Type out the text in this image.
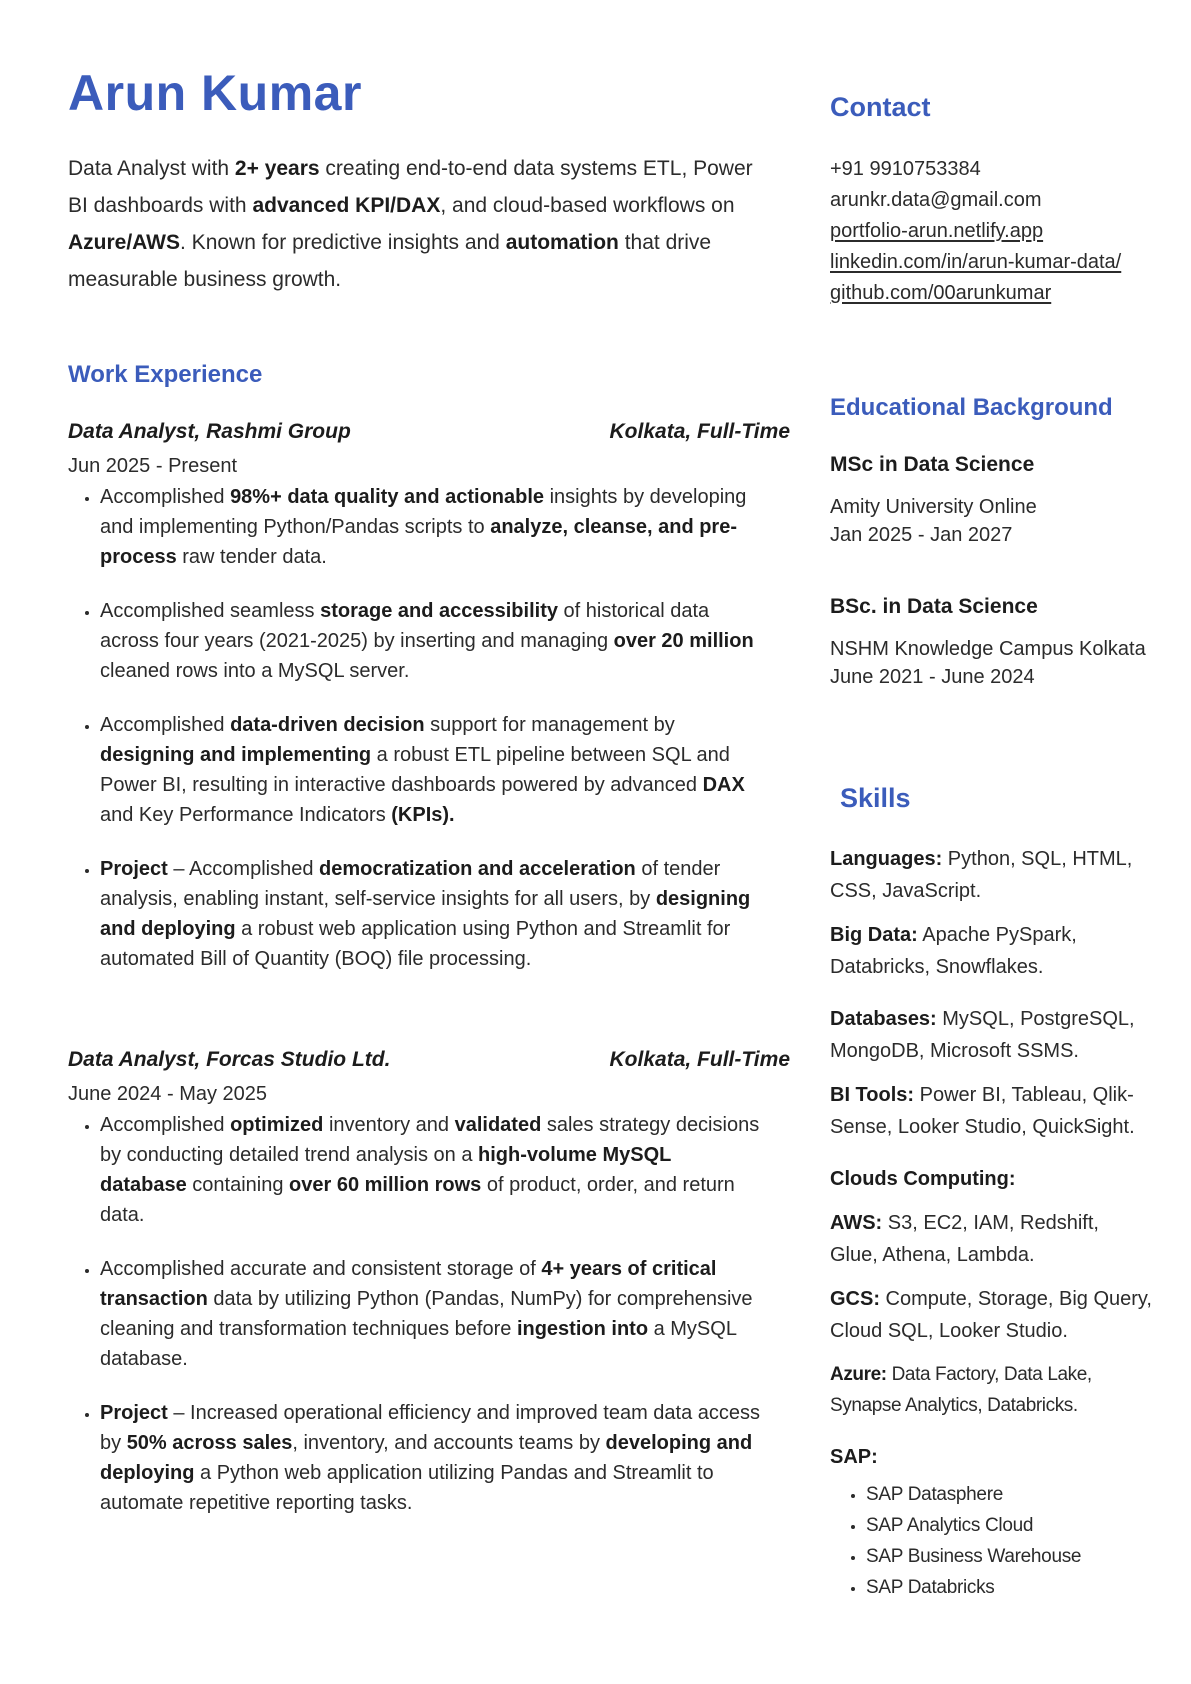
Arun Kumar

Data Analyst with 2+ years creating end-to-end data systems ETL, Power BI dashboards with advanced KPI/DAX, and cloud-based workflows on Azure/AWS. Known for predictive insights and automation that drive measurable business growth.

Work Experience
Data Analyst, Rashmi Group	Kolkata, Full-Time
Jun 2025 - Present
• Accomplished 98%+ data quality and actionable insights by developing and implementing Python/Pandas scripts to analyze, cleanse, and pre-process raw tender data.
• Accomplished seamless storage and accessibility of historical data across four years (2021-2025) by inserting and managing over 20 million cleaned rows into a MySQL server.
• Accomplished data-driven decision support for management by designing and implementing a robust ETL pipeline between SQL and Power BI, resulting in interactive dashboards powered by advanced DAX and Key Performance Indicators (KPIs).
• Project – Accomplished democratization and acceleration of tender analysis, enabling instant, self-service insights for all users, by designing and deploying a robust web application using Python and Streamlit for automated Bill of Quantity (BOQ) file processing.
Data Analyst, Forcas Studio Ltd.	Kolkata, Full-Time
June 2024 - May 2025
• Accomplished optimized inventory and validated sales strategy decisions by conducting detailed trend analysis on a high-volume MySQL database containing over 60 million rows of product, order, and return data.
• Accomplished accurate and consistent storage of 4+ years of critical transaction data by utilizing Python (Pandas, NumPy) for comprehensive cleaning and transformation techniques before ingestion into a MySQL database.
• Project – Increased operational efficiency and improved team data access by 50% across sales, inventory, and accounts teams by developing and deploying a Python web application utilizing Pandas and Streamlit to automate repetitive reporting tasks.
Contact
+91 9910753384
arunkr.data@gmail.com
portfolio-arun.netlify.app
linkedin.com/in/arun-kumar-data/
github.com/00arunkumar
Educational Background
MSc in Data Science
Amity University Online
Jan 2025 - Jan 2027
BSc. in Data Science
NSHM Knowledge Campus Kolkata
June 2021 - June 2024
Skills
Languages: Python, SQL, HTML, CSS, JavaScript.
Big Data: Apache PySpark, Databricks, Snowflakes.
Databases: MySQL, PostgreSQL, MongoDB, Microsoft SSMS.
BI Tools: Power BI, Tableau, Qlik-Sense, Looker Studio, QuickSight.
Clouds Computing:
AWS: S3, EC2, IAM, Redshift, Glue, Athena, Lambda.
GCS: Compute, Storage, Big Query, Cloud SQL, Looker Studio.
Azure: Data Factory, Data Lake, Synapse Analytics, Databricks.
SAP:
• SAP Datasphere
• SAP Analytics Cloud
• SAP Business Warehouse
• SAP Databricks
